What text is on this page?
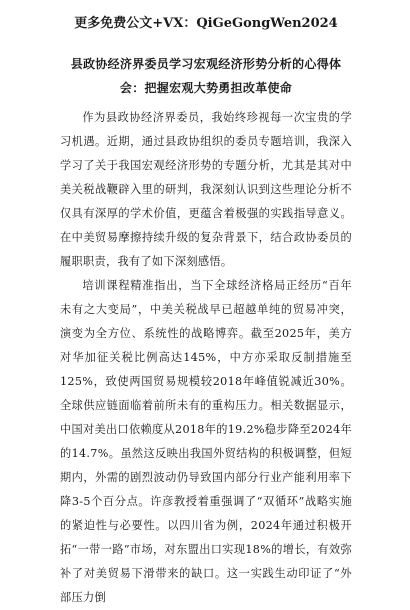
更多免费公文+VX：QiGeGongWen2024
县政协经济界委员学习宏观经济形势分析的心得体会：把握宏观大势勇担改革使命

作为县政协经济界委员，我始终珍视每一次宝贵的学习机遇。近期，通过县政协组织的委员专题培训，我深入学习了关于我国宏观经济形势的专题分析，尤其是其对中美关税战鞭辟入里的研判，我深刻认识到这些理论分析不仅具有深厚的学术价值，更蕴含着极强的实践指导意义。在中美贸易摩擦持续升级的复杂背景下，结合政协委员的履职职责，我有了如下深刻感悟。

培训课程精准指出，当下全球经济格局正经历“百年未有之大变局”，中美关税战早已超越单纯的贸易冲突，演变为全方位、系统性的战略博弈。截至2025年，美方对华加征关税比例高达145%，中方亦采取反制措施至125%，致使两国贸易规模较2018年峰值锐减近30%。全球供应链面临着前所未有的重构压力。相关数据显示，中国对美出口依赖度从2018年的19.2%稳步降至2024年的14.7%。虽然这反映出我国外贸结构的积极调整，但短期内，外需的剧烈波动仍导致国内部分行业产能利用率下降3-5个百分点。许彦教授着重强调了“双循环”战略实施的紧迫性与必要性。以四川省为例，2024年通过积极开拓“一带一路”市场，对东盟出口实现18%的增长，有效弥补了对美贸易下滑带来的缺口。这一实践生动印证了“外部压力倒
